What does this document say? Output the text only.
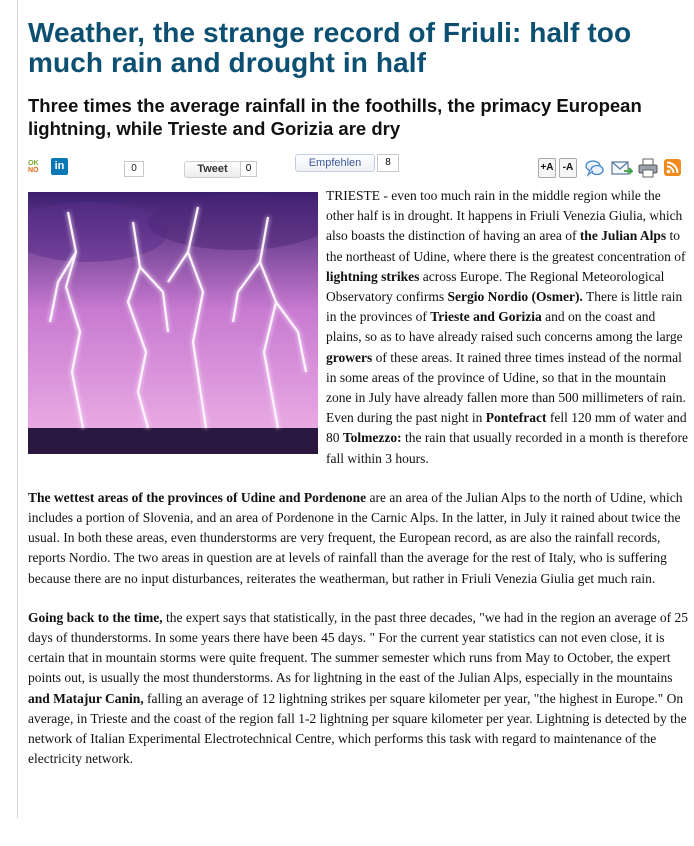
Weather, the strange record of Friuli: half too much rain and drought in half
Three times the average rainfall in the foothills, the primacy European lightning, while Trieste and Gorizia are dry
OK
NO	in	0	Tweet	0	Empfehlen	8	+A -A

TRIESTE - even too much rain in the middle region while the other half is in drought. It happens in Friuli Venezia Giulia, which also boasts the distinction of having an area of the Julian Alps to the northeast of Udine, where there is the greatest concentration of lightning strikes across Europe. The Regional Meteorological Observatory confirms Sergio Nordio (Osmer). There is little rain in the provinces of Trieste and Gorizia and on the coast and plains, so as to have already raised such concerns among the large growers of these areas. It rained three times instead of the normal in some areas of the province of Udine, so that in the mountain zone in July have already fallen more than 500 millimeters of rain. Even during the past night in Pontefract fell 120 mm of water and 80 Tolmezzo: the rain that usually recorded in a month is therefore fall within 3 hours.

The wettest areas of the provinces of Udine and Pordenone are an area of the Julian Alps to the north of Udine, which includes a portion of Slovenia, and an area of Pordenone in the Carnic Alps. In the latter, in July it rained about twice the usual. In both these areas, even thunderstorms are very frequent, the European record, as are also the rainfall records, reports Nordio. The two areas in question are at levels of rainfall than the average for the rest of Italy, who is suffering because there are no input disturbances, reiterates the weatherman, but rather in Friuli Venezia Giulia get much rain.

Going back to the time, the expert says that statistically, in the past three decades, "we had in the region an average of 25 days of thunderstorms. In some years there have been 45 days. " For the current year statistics can not even close, it is certain that in mountain storms were quite frequent. The summer semester which runs from May to October, the expert points out, is usually the most thunderstorms. As for lightning in the east of the Julian Alps, especially in the mountains and Matajur Canin, falling an average of 12 lightning strikes per square kilometer per year, "the highest in Europe." On average, in Trieste and the coast of the region fall 1-2 lightning per square kilometer per year. Lightning is detected by the network of Italian Experimental Electrotechnical Centre, which performs this task with regard to maintenance of the electricity network.
